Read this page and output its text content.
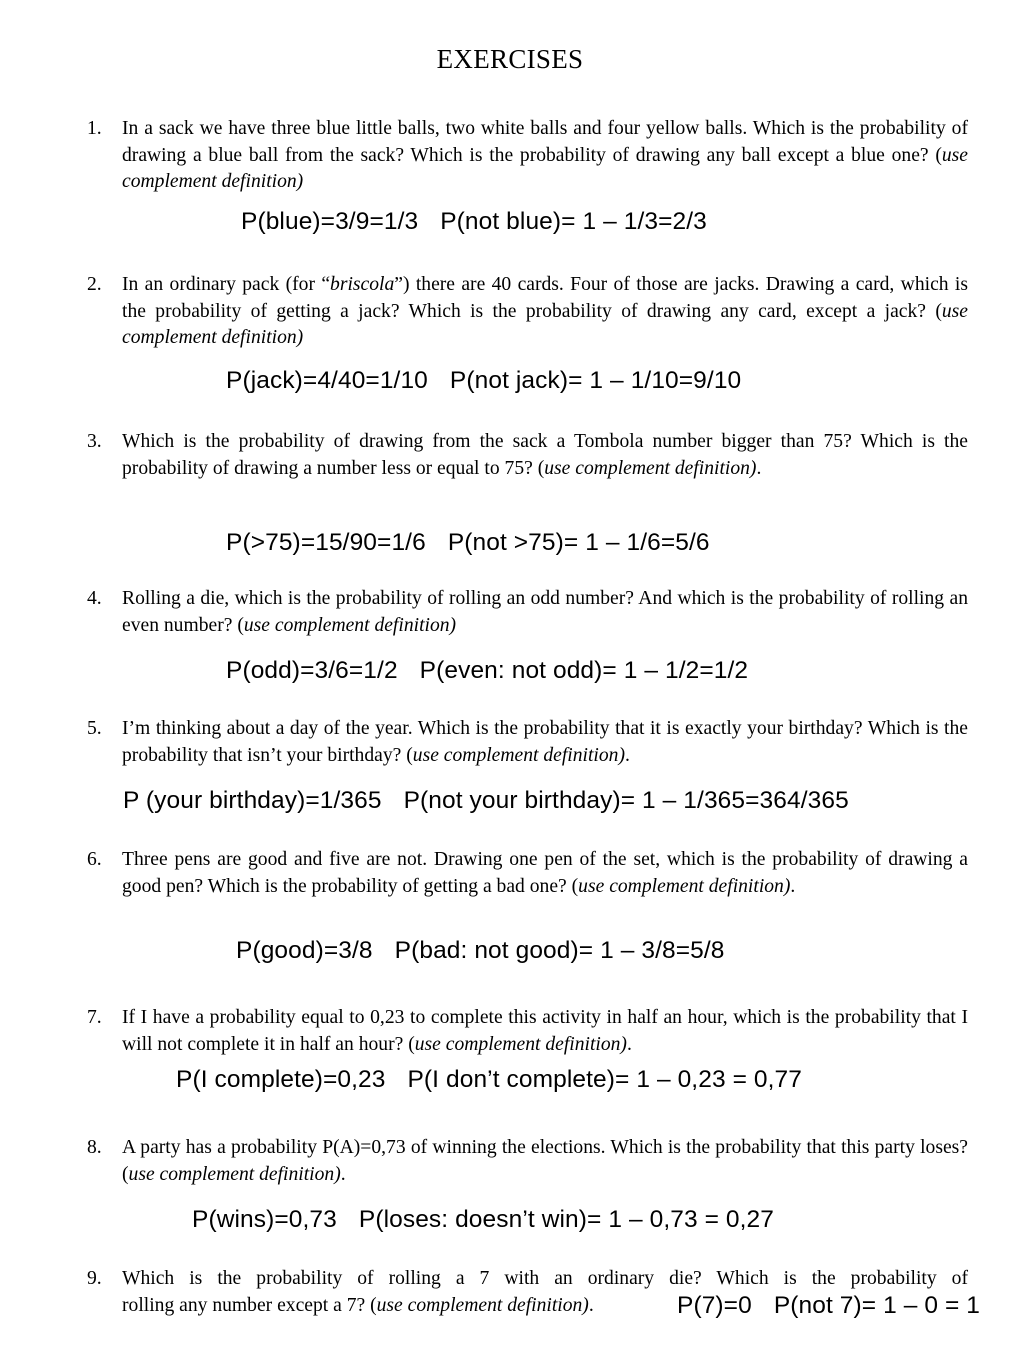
EXERCISES
1. In a sack we have three blue little balls, two white balls and four yellow balls. Which is the probability of drawing a blue ball from the sack? Which is the probability of drawing any ball except a blue one? (use complement definition)
P(blue)=3/9=1/3 P(not blue)= 1 – 1/3=2/3
2. In an ordinary pack (for “briscola”) there are 40 cards. Four of those are jacks. Drawing a card, which is the probability of getting a jack? Which is the probability of drawing any card, except a jack? (use complement definition)
P(jack)=4/40=1/10 P(not jack)= 1 – 1/10=9/10
3. Which is the probability of drawing from the sack a Tombola number bigger than 75? Which is the probability of drawing a number less or equal to 75? (use complement definition).
P(>75)=15/90=1/6 P(not >75)= 1 – 1/6=5/6
4. Rolling a die, which is the probability of rolling an odd number? And which is the probability of rolling an even number? (use complement definition)
P(odd)=3/6=1/2 P(even: not odd)= 1 – 1/2=1/2
5. I’m thinking about a day of the year. Which is the probability that it is exactly your birthday? Which is the probability that isn’t your birthday? (use complement definition).
P (your birthday)=1/365 P(not your birthday)= 1 – 1/365=364/365
6. Three pens are good and five are not. Drawing one pen of the set, which is the probability of drawing a good pen? Which is the probability of getting a bad one? (use complement definition).
P(good)=3/8 P(bad: not good)= 1 – 3/8=5/8
7. If I have a probability equal to 0,23 to complete this activity in half an hour, which is the probability that I will not complete it in half an hour? (use complement definition).
P(I complete)=0,23 P(I don’t complete)= 1 – 0,23 = 0,77
8. A party has a probability P(A)=0,73 of winning the elections. Which is the probability that this party loses? (use complement definition).
P(wins)=0,73 P(loses: doesn’t win)= 1 – 0,73 = 0,27
9. Which is the probability of rolling a 7 with an ordinary die? Which is the probability of
rolling any number except a 7? (use complement definition).	P(7)=0 P(not 7)= 1 – 0 = 1
